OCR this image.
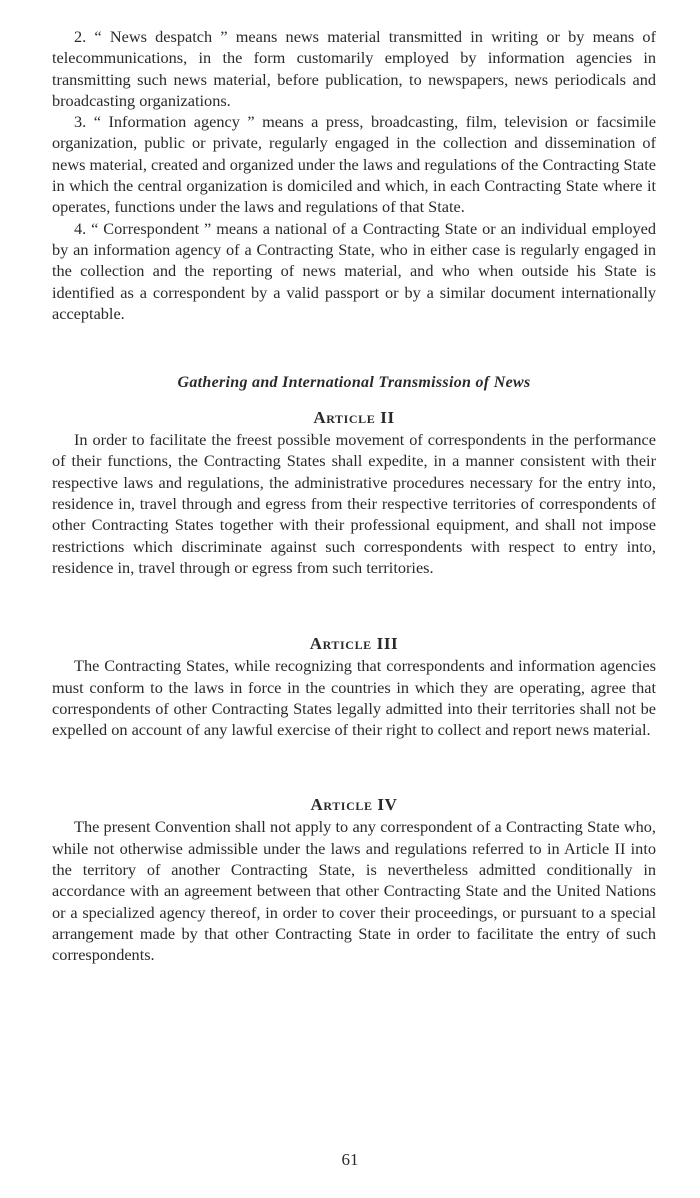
2. “ News despatch ” means news material transmitted in writing or by means of telecommunications, in the form customarily employed by information agencies in transmitting such news material, before publication, to newspapers, news periodicals and broadcasting organizations.

3. “ Information agency ” means a press, broadcasting, film, television or facsimile organization, public or private, regularly engaged in the collection and dissemination of news material, created and organized under the laws and regulations of the Contracting State in which the central organization is domiciled and which, in each Contracting State where it operates, functions under the laws and regulations of that State.

4. “ Correspondent ” means a national of a Contracting State or an individual employed by an information agency of a Contracting State, who in either case is regularly engaged in the collection and the reporting of news material, and who when outside his State is identified as a correspondent by a valid passport or by a similar document internationally acceptable.

Gathering and International Transmission of News
Article II

In order to facilitate the freest possible movement of correspondents in the performance of their functions, the Contracting States shall expedite, in a manner consistent with their respective laws and regulations, the administrative procedures necessary for the entry into, residence in, travel through and egress from their respective territories of correspondents of other Contracting States together with their professional equipment, and shall not impose restrictions which discriminate against such correspondents with respect to entry into, residence in, travel through or egress from such territories.

Article III

The Contracting States, while recognizing that correspondents and information agencies must conform to the laws in force in the countries in which they are operating, agree that correspondents of other Contracting States legally admitted into their territories shall not be expelled on account of any lawful exercise of their right to collect and report news material.

Article IV

The present Convention shall not apply to any correspondent of a Contracting State who, while not otherwise admissible under the laws and regulations referred to in Article II into the territory of another Contracting State, is nevertheless admitted conditionally in accordance with an agreement between that other Contracting State and the United Nations or a specialized agency thereof, in order to cover their proceedings, or pursuant to a special arrangement made by that other Contracting State in order to facilitate the entry of such correspondents.

61
